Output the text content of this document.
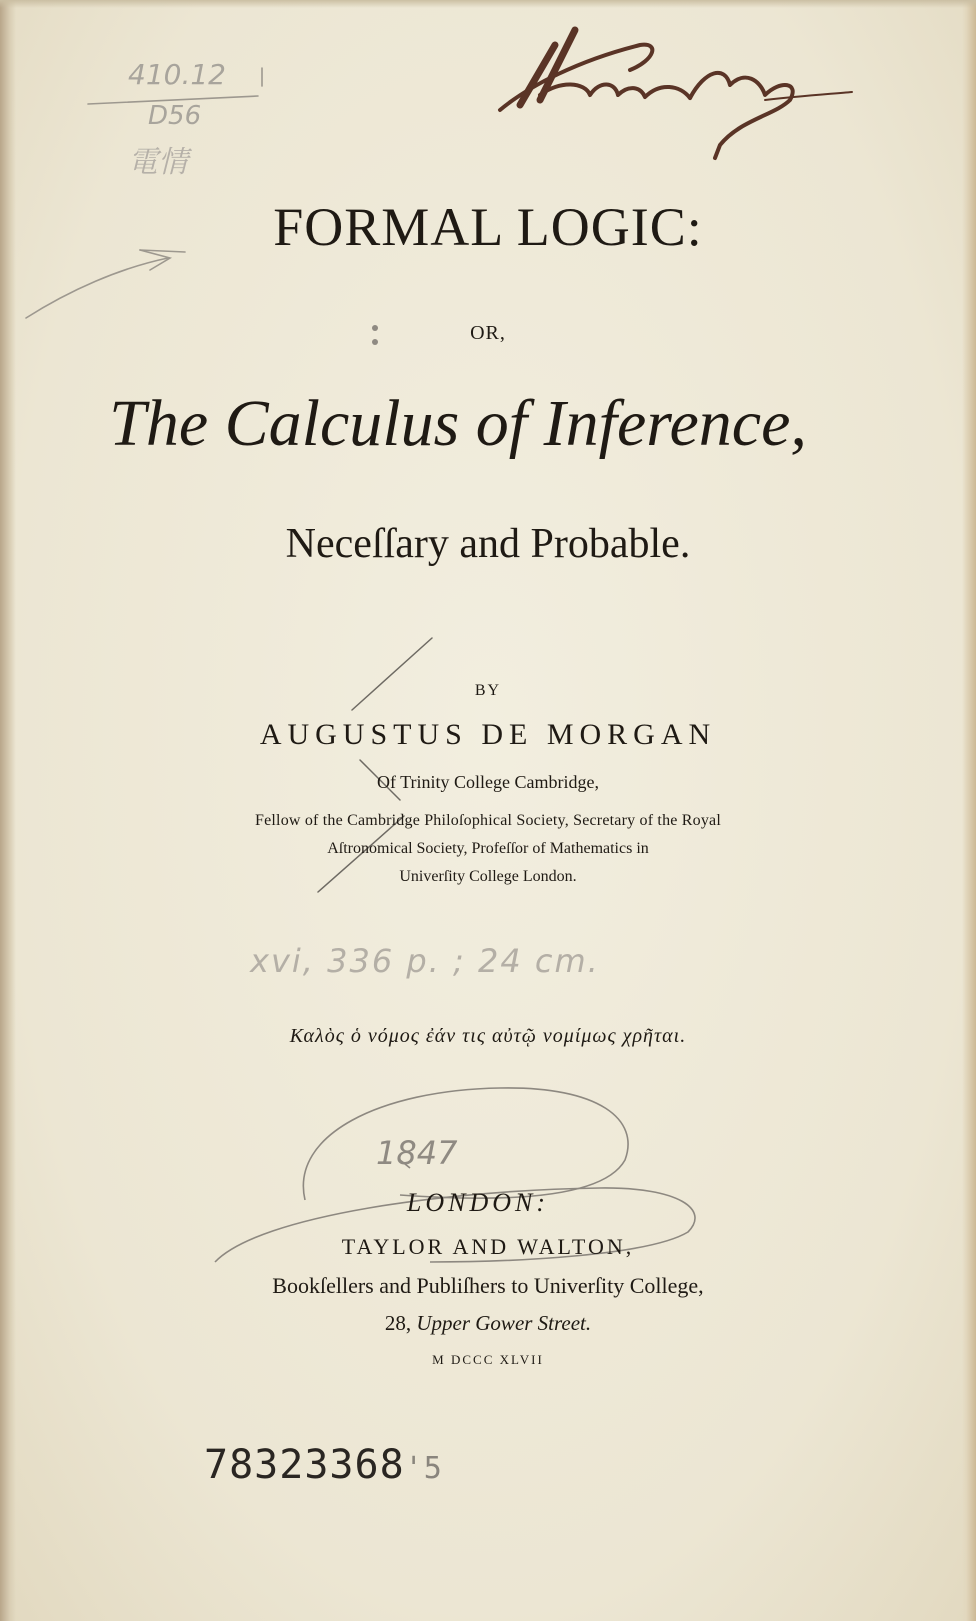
410.12
D56
電情
FORMAL LOGIC:
OR,
The Calculus of Inference,
Neceſſary and Probable.
BY
AUGUSTUS DE MORGAN
Of Trinity College Cambridge,
Fellow of the Cambridge Philoſophical Society, Secretary of the Royal
Aſtronomical Society, Profeſſor of Mathematics in
Univerſity College London.
xvi, 336 p. ; 24 cm.
Καλὸς ὁ νόμος ἐάν τις αὐτῷ νομίμως χρῆται.
1847
LONDON:
TAYLOR AND WALTON,
Bookſellers and Publiſhers to Univerſity College,
28, Upper Gower Street.
M DCCC XLVII
78323368'5
